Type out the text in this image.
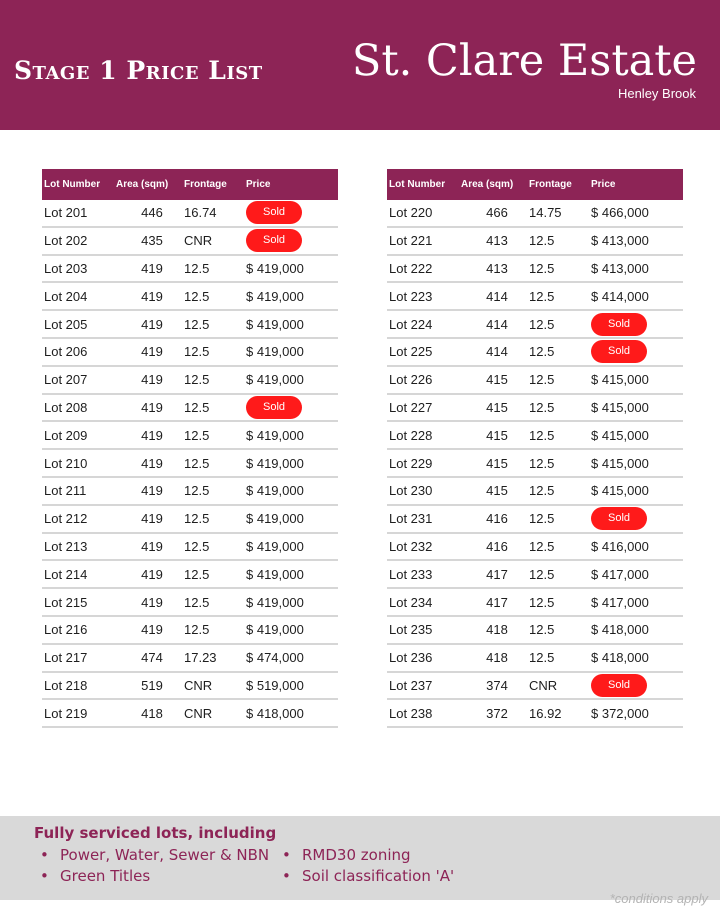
Stage 1 Price List St. Clare Estate
Henley Brook
Lot Number	Area (sqm)	Frontage	Price
Lot 201	446	16.74	Sold
Lot 202	435	CNR	Sold
Lot 203	419	12.5	$ 419,000
Lot 204	419	12.5	$ 419,000
Lot 205	419	12.5	$ 419,000
Lot 206	419	12.5	$ 419,000
Lot 207	419	12.5	$ 419,000
Lot 208	419	12.5	Sold
Lot 209	419	12.5	$ 419,000
Lot 210	419	12.5	$ 419,000
Lot 211	419	12.5	$ 419,000
Lot 212	419	12.5	$ 419,000
Lot 213	419	12.5	$ 419,000
Lot 214	419	12.5	$ 419,000
Lot 215	419	12.5	$ 419,000
Lot 216	419	12.5	$ 419,000
Lot 217	474	17.23	$ 474,000
Lot 218	519	CNR	$ 519,000
Lot 219	418	CNR	$ 418,000
Lot Number	Area (sqm)	Frontage	Price
Lot 220	466	14.75	$ 466,000
Lot 221	413	12.5	$ 413,000
Lot 222	413	12.5	$ 413,000
Lot 223	414	12.5	$ 414,000
Lot 224	414	12.5	Sold
Lot 225	414	12.5	Sold
Lot 226	415	12.5	$ 415,000
Lot 227	415	12.5	$ 415,000
Lot 228	415	12.5	$ 415,000
Lot 229	415	12.5	$ 415,000
Lot 230	415	12.5	$ 415,000
Lot 231	416	12.5	Sold
Lot 232	416	12.5	$ 416,000
Lot 233	417	12.5	$ 417,000
Lot 234	417	12.5	$ 417,000
Lot 235	418	12.5	$ 418,000
Lot 236	418	12.5	$ 418,000
Lot 237	374	CNR	Sold
Lot 238	372	16.92	$ 372,000
Fully serviced lots, including
• Power, Water, Sewer & NBN
• Green Titles
• RMD30 zoning
• Soil classification 'A'
*conditions apply
